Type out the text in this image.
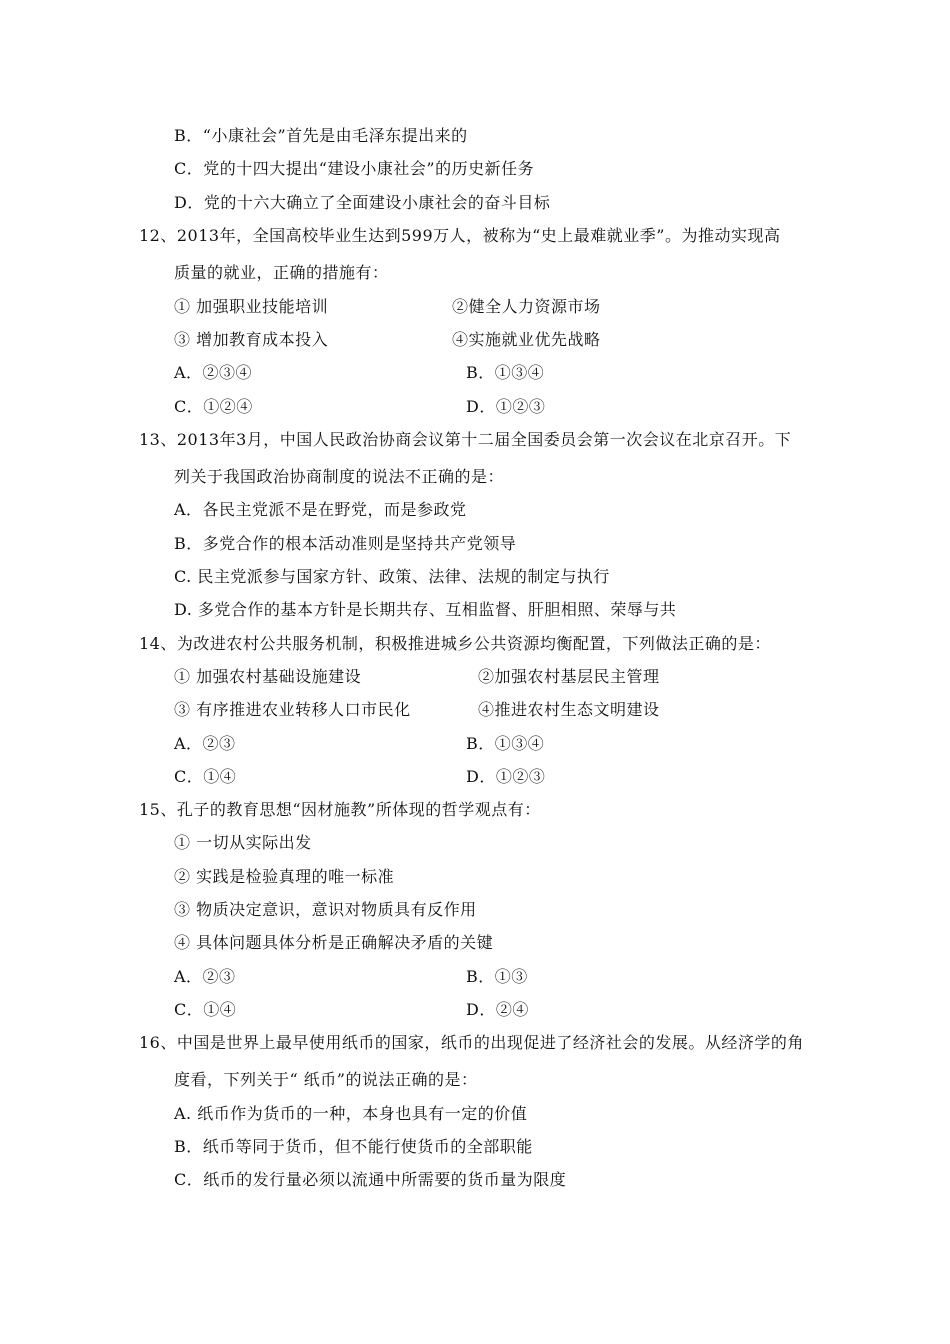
B．“小康社会”首先是由毛泽东提出来的
C．党的十四大提出“建设小康社会”的历史新任务
D．党的十六大确立了全面建设小康社会的奋斗目标
12、2013年，全国高校毕业生达到599万人，被称为“史上最难就业季”。为推动实现高
质量的就业，正确的措施有：
① 加强职业技能培训	②健全人力资源市场
③ 增加教育成本投入	④实施就业优先战略
A．②③④	B．①③④
C．①②④	D．①②③
13、2013年3月，中国人民政治协商会议第十二届全国委员会第一次会议在北京召开。下
列关于我国政治协商制度的说法不正确的是：
A．各民主党派不是在野党，而是参政党
B．多党合作的根本活动准则是坚持共产党领导
C. 民主党派参与国家方针、政策、法律、法规的制定与执行
D. 多党合作的基本方针是长期共存、互相监督、肝胆相照、荣辱与共
14、为改进农村公共服务机制，积极推进城乡公共资源均衡配置，下列做法正确的是：
① 加强农村基础设施建设	②加强农村基层民主管理
③ 有序推进农业转移人口市民化	④推进农村生态文明建设
A．②③	B．①③④
C．①④	D．①②③
15、孔子的教育思想“因材施教”所体现的哲学观点有：
① 一切从实际出发
② 实践是检验真理的唯一标准
③ 物质决定意识，意识对物质具有反作用
④ 具体问题具体分析是正确解决矛盾的关键
A．②③	B．①③
C．①④	D．②④
16、中国是世界上最早使用纸币的国家，纸币的出现促进了经济社会的发展。从经济学的角
度看，下列关于“ 纸币”的说法正确的是：
A. 纸币作为货币的一种，本身也具有一定的价值
B．纸币等同于货币，但不能行使货币的全部职能
C．纸币的发行量必须以流通中所需要的货币量为限度
